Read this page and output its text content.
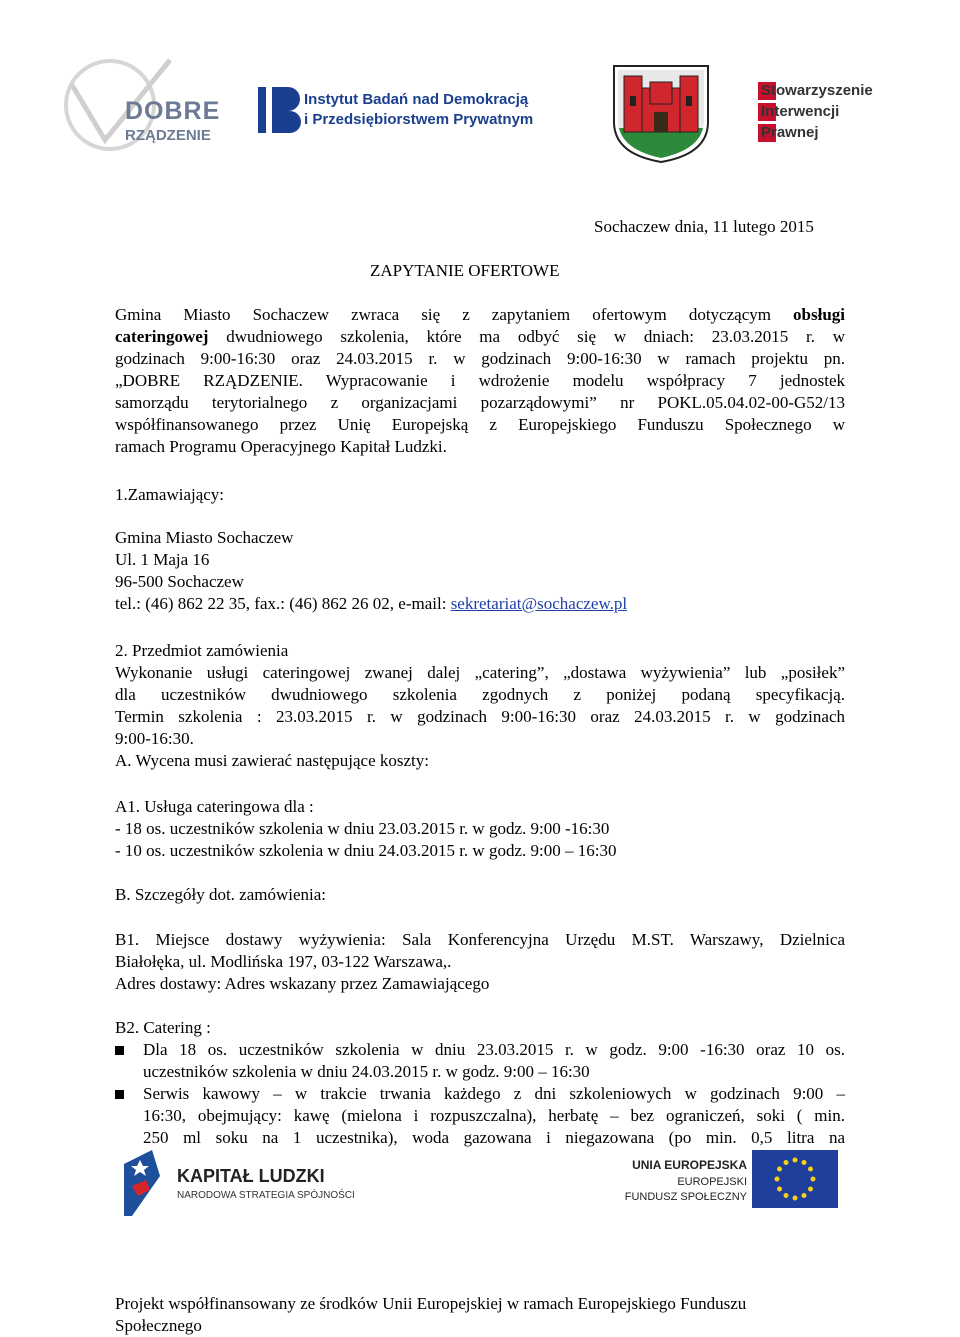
DOBRE
RZĄDZENIE
Instytut Badań nad Demokracją
i Przedsiębiorstwem Prywatnym
Stowarzyszenie
Interwencji
Prawnej
Sochaczew dnia, 11 lutego 2015
ZAPYTANIE OFERTOWE
Gmina Miasto Sochaczew zwraca się z zapytaniem ofertowym dotyczącym obsługi
cateringowej dwudniowego szkolenia, które ma odbyć się w dniach: 23.03.2015 r. w
godzinach 9:00-16:30 oraz 24.03.2015 r. w godzinach 9:00-16:30 w ramach projektu pn.
„DOBRE RZĄDZENIE. Wypracowanie i wdrożenie modelu współpracy 7 jednostek
samorządu terytorialnego z organizacjami pozarządowymi” nr POKL.05.04.02-00-G52/13
współfinansowanego przez Unię Europejską z Europejskiego Funduszu Społecznego w
ramach Programu Operacyjnego Kapitał Ludzki.
1.Zamawiający:
Gmina Miasto Sochaczew
Ul. 1 Maja 16
96-500 Sochaczew
tel.: (46) 862 22 35, fax.: (46) 862 26 02, e-mail: sekretariat@sochaczew.pl
2. Przedmiot zamówienia
Wykonanie usługi cateringowej zwanej dalej „catering”, „dostawa wyżywienia” lub „posiłek”
dla uczestników dwudniowego szkolenia zgodnych z poniżej podaną specyfikacją.
Termin szkolenia : 23.03.2015 r. w godzinach 9:00-16:30 oraz 24.03.2015 r. w godzinach
9:00-16:30.
A. Wycena musi zawierać następujące koszty:
A1. Usługa cateringowa dla :
- 18 os. uczestników szkolenia w dniu 23.03.2015 r. w godz. 9:00 -16:30
- 10 os. uczestników szkolenia w dniu 24.03.2015 r. w godz. 9:00 – 16:30
B. Szczegóły dot. zamówienia:
B1. Miejsce dostawy wyżywienia: Sala Konferencyjna Urzędu M.ST. Warszawy, Dzielnica
Białołęka, ul. Modlińska 197, 03-122 Warszawa,.
Adres dostawy: Adres wskazany przez Zamawiającego
B2. Catering :
Dla 18 os. uczestników szkolenia w dniu 23.03.2015 r. w godz. 9:00 -16:30 oraz 10 os.
uczestników szkolenia w dniu 24.03.2015 r. w godz. 9:00 – 16:30
Serwis kawowy – w trakcie trwania każdego z dni szkoleniowych w godzinach 9:00 –
16:30, obejmujący: kawę (mielona i rozpuszczalna), herbatę – bez ograniczeń, soki ( min.
250 ml soku na 1 uczestnika), woda gazowana i niegazowana (po min. 0,5 litra na
KAPITAŁ LUDZKI
NARODOWA STRATEGIA SPÓJNOŚCI
UNIA EUROPEJSKA
EUROPEJSKI
FUNDUSZ SPOŁECZNY
Projekt współfinansowany ze środków Unii Europejskiej w ramach Europejskiego Funduszu
Społecznego
